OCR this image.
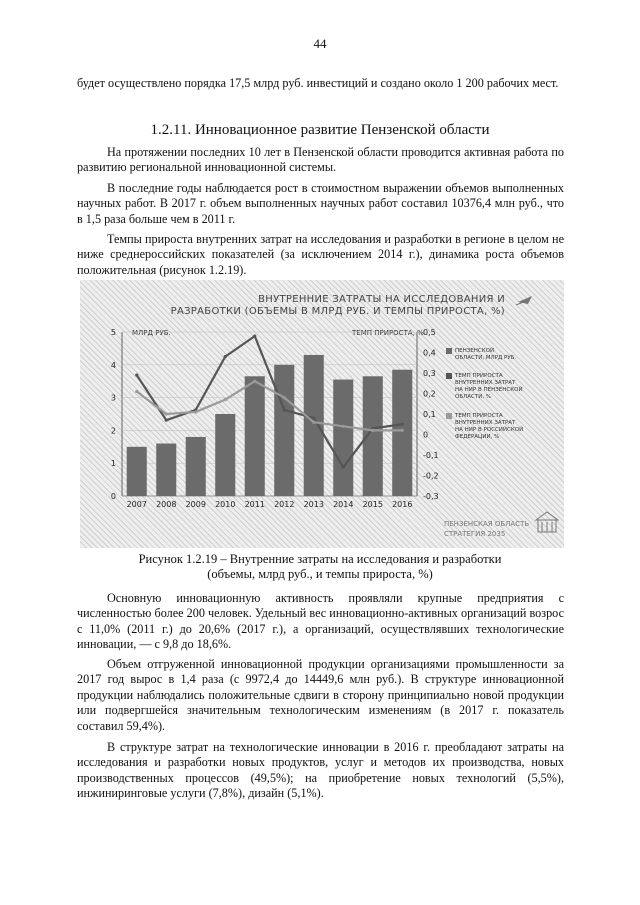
44

будет осуществлено порядка 17,5 млрд руб. инвестиций и создано около 1 200 рабочих мест.

1.2.11. Инновационное развитие Пензенской области

На протяжении последних 10 лет в Пензенской области проводится активная работа по развитию региональной инновационной системы.

В последние годы наблюдается рост в стоимостном выражении объемов выполненных научных работ. В 2017 г. объем выполненных научных работ составил 10376,4 млн руб., что в 1,5 раза больше чем в 2011 г.

Темпы прироста внутренних затрат на исследования и разработки в регионе в целом не ниже среднероссийских показателей (за исключением 2014 г.), динамика роста объемов положительная (рисунок 1.2.19).

ВНУТРЕННИЕ ЗАТРАТЫ НА ИССЛЕДОВАНИЯ И
РАЗРАБОТКИ (ОБЪЕМЫ В МЛРД РУБ. И ТЕМПЫ ПРИРОСТА, %)
МЛРД РУБ.	ТЕМП ПРИРОСТА, %
0
1
2
3
4
5
-0,3
-0,2
-0,1
0
0,1
0,2
0,3
0,4
0,5
2007 2008 2009 2010 2011 2012 2013 2014 2015 2016
ПЕНЗЕНСКОЙ
ОБЛАСТИ, МЛРД РУБ.
ТЕМП ПРИРОСТА
ВНУТРЕННИХ ЗАТРАТ
НА НИР В ПЕНЗЕНСКОЙ
ОБЛАСТИ, %
ТЕМП ПРИРОСТА
ВНУТРЕННИХ ЗАТРАТ
НА НИР В РОССИЙСКОЙ
ФЕДЕРАЦИИ, %
ПЕНЗЕНСКАЯ ОБЛАСТЬ
СТРАТЕГИЯ 2035
Рисунок 1.2.19 – Внутренние затраты на исследования и разработки
(объемы, млрд руб., и темпы прироста, %)

Основную инновационную активность проявляли крупные предприятия с численностью более 200 человек. Удельный вес инновационно-активных организаций возрос с 11,0% (2011 г.) до 20,6% (2017 г.), а организаций, осуществлявших технологические инновации, — с 9,8 до 18,6%.

Объем отгруженной инновационной продукции организациями промышленности за 2017 год вырос в 1,4 раза (с 9972,4 до 14449,6 млн руб.). В структуре инновационной продукции наблюдались положительные сдвиги в сторону принципиально новой продукции или подвергшейся значительным технологическим изменениям (в 2017 г. показатель составил 59,4%).

В структуре затрат на технологические инновации в 2016 г. преобладают затраты на исследования и разработки новых продуктов, услуг и методов их производства, новых производственных процессов (49,5%); на приобретение новых технологий (5,5%), инжиниринговые услуги (7,8%), дизайн (5,1%).
